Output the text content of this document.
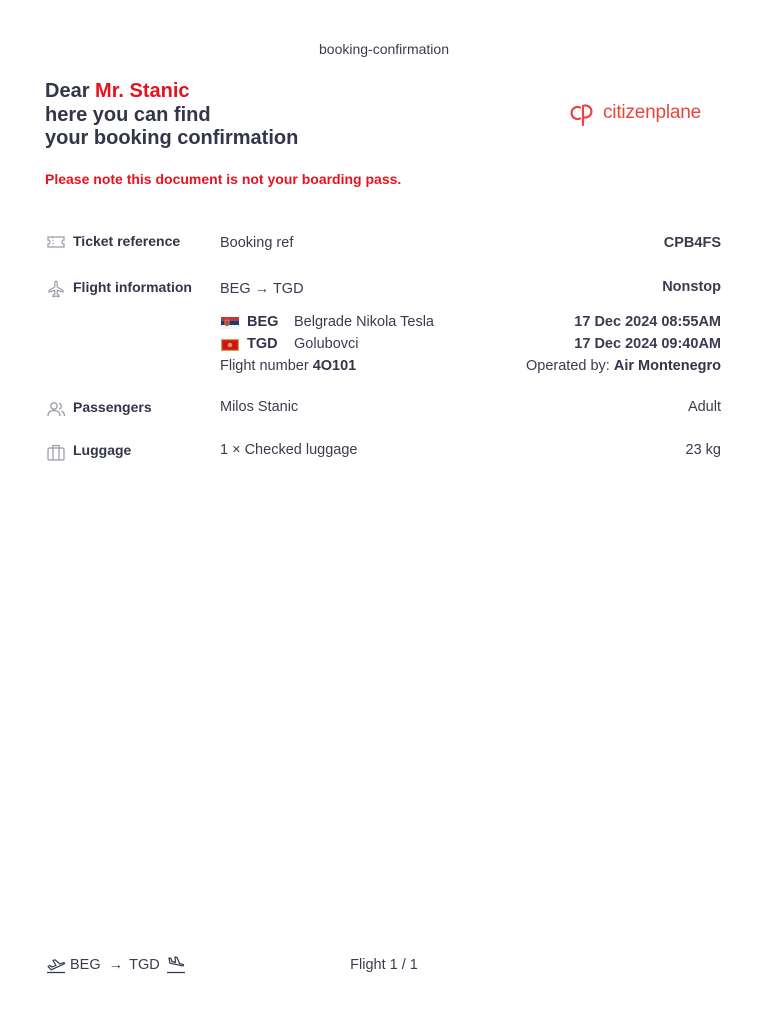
booking-confirmation
Dear Mr. Stanic
here you can find
your booking confirmation
citizenplane
Please note this document is not your boarding pass.
Ticket reference	Booking ref	CPB4FS
Flight information BEG → TGD	Nonstop
BEG Belgrade Nikola Tesla	17 Dec 2024 08:55AM
TGD Golubovci	17 Dec 2024 09:40AM
Flight number 4O101	Operated by: Air Montenegro
Passengers	Milos Stanic	Adult
Luggage	1 × Checked luggage	23 kg
BEG → TGD	Flight 1 / 1
